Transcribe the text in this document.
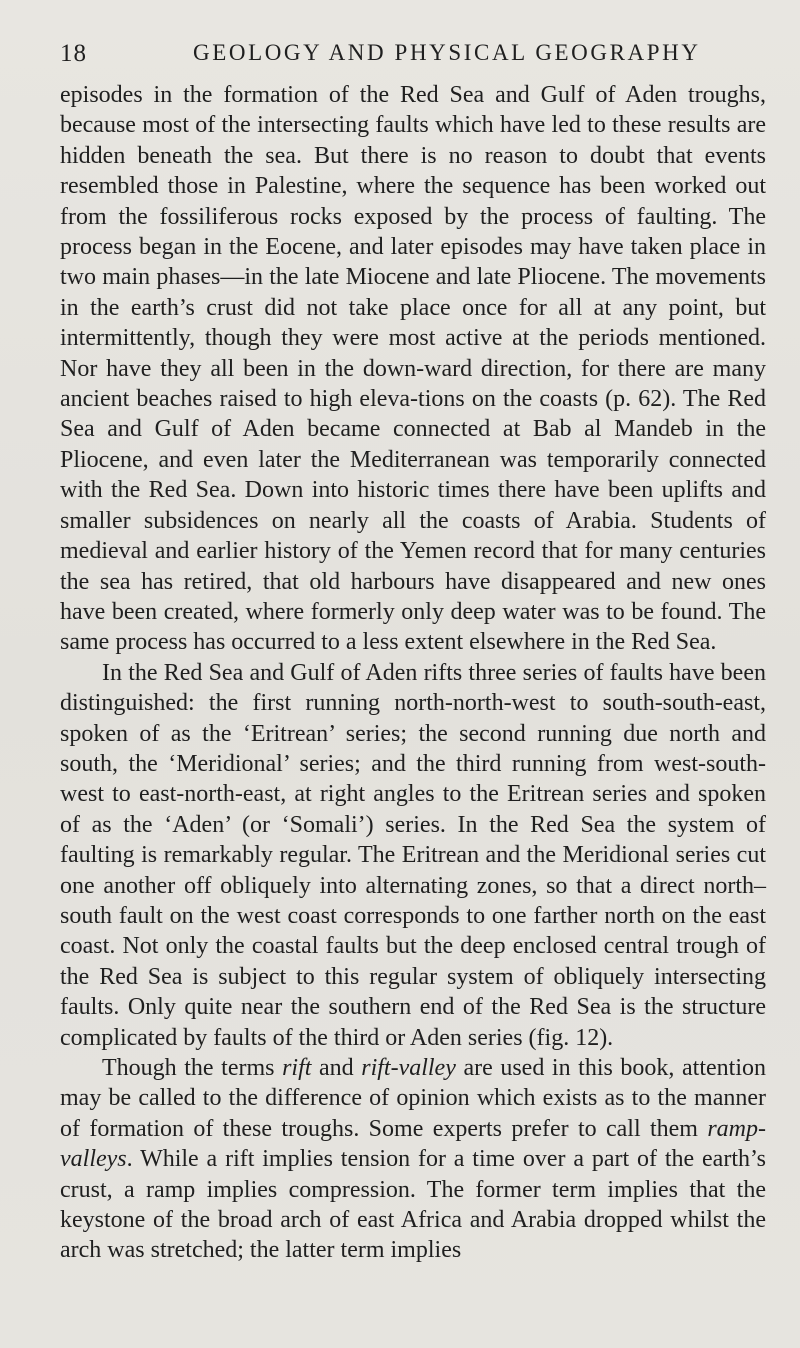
18	GEOLOGY AND PHYSICAL GEOGRAPHY

episodes in the formation of the Red Sea and Gulf of Aden troughs, because most of the intersecting faults which have led to these results are hidden beneath the sea. But there is no reason to doubt that events resembled those in Palestine, where the sequence has been worked out from the fossiliferous rocks exposed by the process of faulting. The process began in the Eocene, and later episodes may have taken place in two main phases—in the late Miocene and late Pliocene. The movements in the earth’s crust did not take place once for all at any point, but intermittently, though they were most active at the periods mentioned. Nor have they all been in the down-ward direction, for there are many ancient beaches raised to high eleva-tions on the coasts (p. 62). The Red Sea and Gulf of Aden became connected at Bab al Mandeb in the Pliocene, and even later the Mediterranean was temporarily connected with the Red Sea. Down into historic times there have been uplifts and smaller subsidences on nearly all the coasts of Arabia. Students of medieval and earlier history of the Yemen record that for many centuries the sea has retired, that old harbours have disappeared and new ones have been created, where formerly only deep water was to be found. The same process has occurred to a less extent elsewhere in the Red Sea.

In the Red Sea and Gulf of Aden rifts three series of faults have been distinguished: the first running north-north-west to south-south-east, spoken of as the ‘Eritrean’ series; the second running due north and south, the ‘Meridional’ series; and the third running from west-south-west to east-north-east, at right angles to the Eritrean series and spoken of as the ‘Aden’ (or ‘Somali’) series. In the Red Sea the system of faulting is remarkably regular. The Eritrean and the Meridional series cut one another off obliquely into alternating zones, so that a direct north–south fault on the west coast corresponds to one farther north on the east coast. Not only the coastal faults but the deep enclosed central trough of the Red Sea is subject to this regular system of obliquely intersecting faults. Only quite near the southern end of the Red Sea is the structure complicated by faults of the third or Aden series (fig. 12).

Though the terms rift and rift-valley are used in this book, attention may be called to the difference of opinion which exists as to the manner of formation of these troughs. Some experts prefer to call them ramp-valleys. While a rift implies tension for a time over a part of the earth’s crust, a ramp implies compression. The former term implies that the keystone of the broad arch of east Africa and Arabia dropped whilst the arch was stretched; the latter term implies
